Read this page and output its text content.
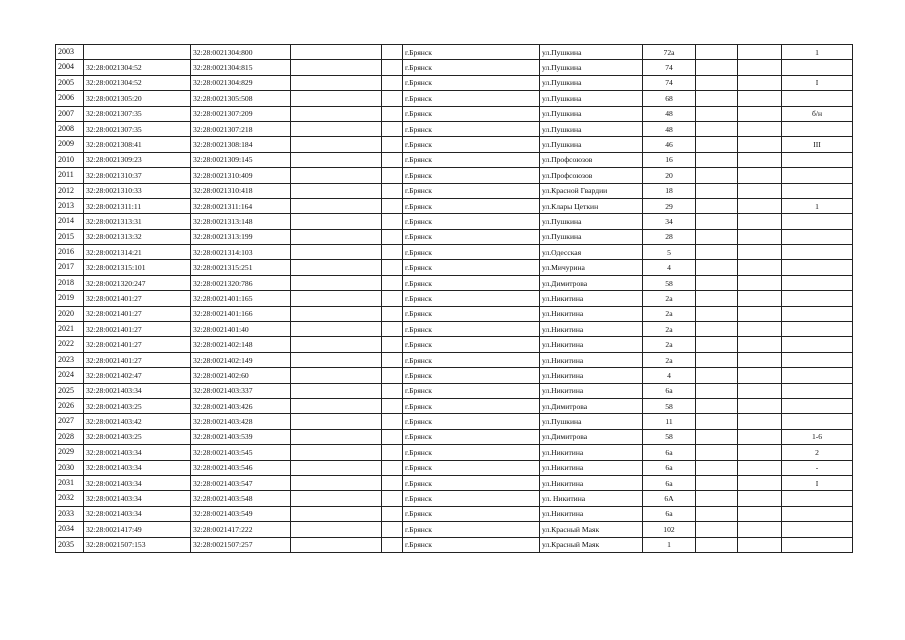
2003		32:28:0021304:800			г.Брянск	ул.Пушкина	72а			1
2004	32:28:0021304:52	32:28:0021304:815			г.Брянск	ул.Пушкина	74			
2005	32:28:0021304:52	32:28:0021304:829			г.Брянск	ул.Пушкина	74			I
2006	32:28:0021305:20	32:28:0021305:508			г.Брянск	ул.Пушкина	68			
2007	32:28:0021307:35	32:28:0021307:209			г.Брянск	ул.Пушкина	48			б/н
2008	32:28:0021307:35	32:28:0021307:218			г.Брянск	ул.Пушкина	48			
2009	32:28:0021308:41	32:28:0021308:184			г.Брянск	ул.Пушкина	46			III
2010	32:28:0021309:23	32:28:0021309:145			г.Брянск	ул.Профсоюзов	16			
2011	32:28:0021310:37	32:28:0021310:409			г.Брянск	ул.Профсоюзов	20			
2012	32:28:0021310:33	32:28:0021310:418			г.Брянск	ул.Красной Гвардии	18			
2013	32:28:0021311:11	32:28:0021311:164			г.Брянск	ул.Клары Цеткин	29			1
2014	32:28:0021313:31	32:28:0021313:148			г.Брянск	ул.Пушкина	34			
2015	32:28:0021313:32	32:28:0021313:199			г.Брянск	ул.Пушкина	28			
2016	32:28:0021314:21	32:28:0021314:103			г.Брянск	ул.Одесская	5			
2017	32:28:0021315:101	32:28:0021315:251			г.Брянск	ул.Мичурина	4			
2018	32:28:0021320:247	32:28:0021320:786			г.Брянск	ул.Димитрова	58			
2019	32:28:0021401:27	32:28:0021401:165			г.Брянск	ул.Никитина	2а			
2020	32:28:0021401:27	32:28:0021401:166			г.Брянск	ул.Никитина	2а			
2021	32:28:0021401:27	32:28:0021401:40			г.Брянск	ул.Никитина	2а			
2022	32:28:0021401:27	32:28:0021402:148			г.Брянск	ул.Никитина	2а			
2023	32:28:0021401:27	32:28:0021402:149			г.Брянск	ул.Никитина	2а			
2024	32:28:0021402:47	32:28:0021402:60			г.Брянск	ул.Никитина	4			
2025	32:28:0021403:34	32:28:0021403:337			г.Брянск	ул.Никитина	6а			
2026	32:28:0021403:25	32:28:0021403:426			г.Брянск	ул.Димитрова	58			
2027	32:28:0021403:42	32:28:0021403:428			г.Брянск	ул.Пушкина	11			
2028	32:28:0021403:25	32:28:0021403:539			г.Брянск	ул.Димитрова	58			1-6
2029	32:28:0021403:34	32:28:0021403:545			г.Брянск	ул.Никитина	6а			2
2030	32:28:0021403:34	32:28:0021403:546			г.Брянск	ул.Никитина	6а			-
2031	32:28:0021403:34	32:28:0021403:547			г.Брянск	ул.Никитина	6а			I
2032	32:28:0021403:34	32:28:0021403:548			г.Брянск	ул. Никитина	6А			
2033	32:28:0021403:34	32:28:0021403:549			г.Брянск	ул.Никитина	6а			
2034	32:28:0021417:49	32:28:0021417:222			г.Брянск	ул.Красный Маяк	102			
2035	32:28:0021507:153	32:28:0021507:257			г.Брянск	ул.Красный Маяк	1			
